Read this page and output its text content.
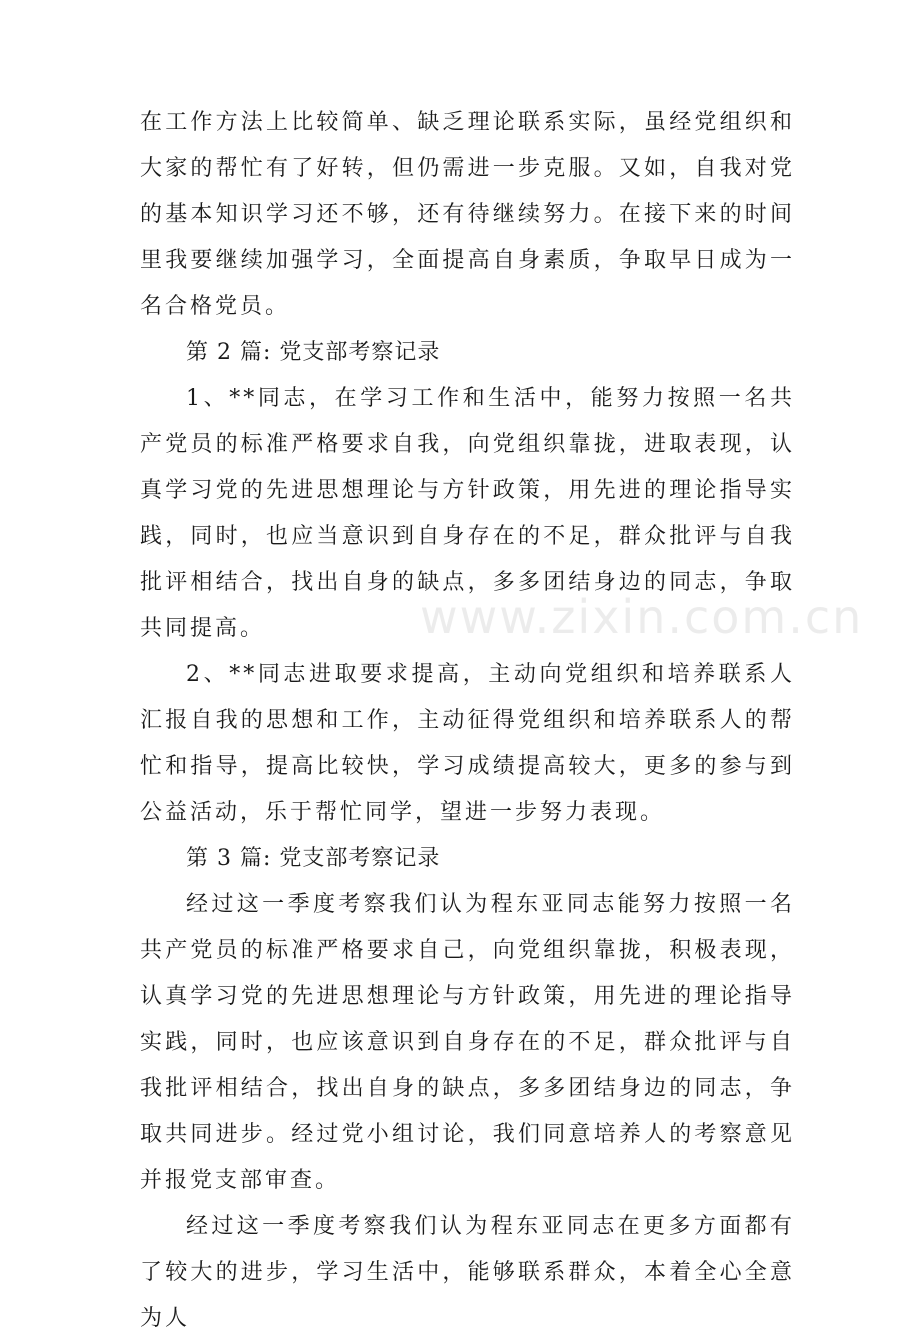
在工作方法上比较简单、缺乏理论联系实际，虽经党组织和大家的帮忙有了好转，但仍需进一步克服。又如，自我对党的基本知识学习还不够，还有待继续努力。在接下来的时间里我要继续加强学习，全面提高自身素质，争取早日成为一名合格党员。

第 2 篇: 党支部考察记录

1、**同志，在学习工作和生活中，能努力按照一名共产党员的标准严格要求自我，向党组织靠拢，进取表现，认真学习党的先进思想理论与方针政策，用先进的理论指导实践，同时，也应当意识到自身存在的不足，群众批评与自我批评相结合，找出自身的缺点，多多团结身边的同志，争取共同提高。

2、**同志进取要求提高，主动向党组织和培养联系人汇报自我的思想和工作，主动征得党组织和培养联系人的帮忙和指导，提高比较快，学习成绩提高较大，更多的参与到公益活动，乐于帮忙同学，望进一步努力表现。

第 3 篇: 党支部考察记录

经过这一季度考察我们认为程东亚同志能努力按照一名共产党员的标准严格要求自己，向党组织靠拢，积极表现，认真学习党的先进思想理论与方针政策，用先进的理论指导实践，同时，也应该意识到自身存在的不足，群众批评与自我批评相结合，找出自身的缺点，多多团结身边的同志，争取共同进步。经过党小组讨论，我们同意培养人的考察意见并报党支部审查。

经过这一季度考察我们认为程东亚同志在更多方面都有了较大的进步，学习生活中，能够联系群众，本着全心全意为人

www.zixin.com.cn
